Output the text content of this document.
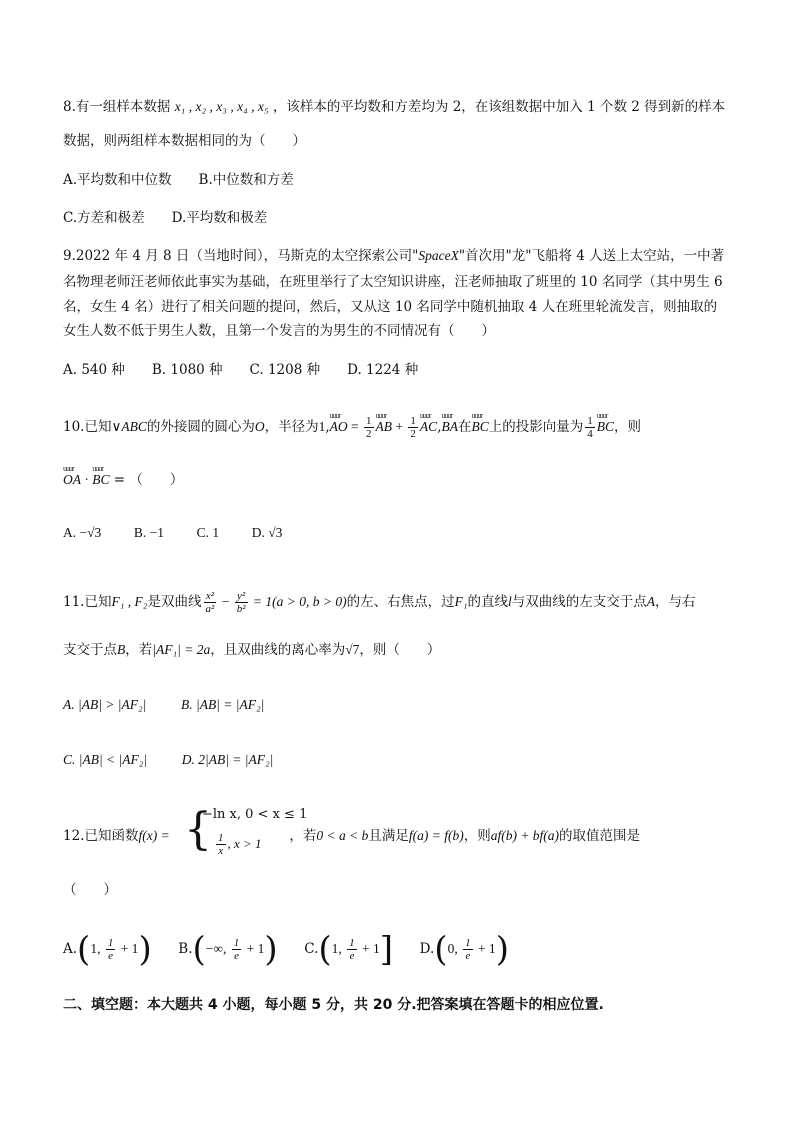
8.有一组样本数据 x₁ , x₂ , x₃ , x₄ , x₅ ，该样本的平均数和方差均为 2，在该组数据中加入 1 个数 2 得到新的样本
数据，则两组样本数据相同的为（　　）
A.平均数和中位数　　B.中位数和方差
C.方差和极差　　D.平均数和极差
9.2022 年 4 月 8 日（当地时间），马斯克的太空探索公司"SpaceX"首次用"龙"飞船将 4 人送上太空站，一中著
名物理老师汪老师依此事实为基础，在班里举行了太空知识讲座，汪老师抽取了班里的 10 名同学（其中男生 6
名，女生 4 名）进行了相关问题的提问，然后，又从这 10 名同学中随机抽取 4 人在班里轮流发言，则抽取的
女生人数不低于男生人数，且第一个发言的为男生的不同情况有（　　）
A. 540 种　　B. 1080 种　　C. 1208 种　　D. 1224 种
10.已知∨ABC的外接圆的圆心为O，半径为1,uuur AO = $\frac{1}{2}$ uuur AB + $\frac{1}{2}$ uuur AC,uuur BA在uuur BC上的投影向量为 $\frac{1}{4}$ uuur BC，则
uuur OA · uuur BC = （　　）
A. −√3 B. −1 C. 1 D. √3
11.已知F₁ , F₂是双曲线 $\frac{\text{x²}}{\text{a²}} - \frac{\text{y²}}{\text{b²}} = 1(a > 0$, b > 0)的左、右焦点，过F₁的直线l与双曲线的左支交于点A，与右
支交于点B，若|AF₁| = 2a，且双曲线的离心率为√7，则（　　）
A. |AB| > |AF₂|	B. |AB| = |AF₂|
C. |AB| < |AF₂|	D. 2|AB| = |AF₂|
12.已知函数f(x) =	，若0 < a < b且满足f(a) = f(b)，则af(b) + bf(a)的取值范围是
{
−ln x, 0 < x ≤ 1
$\frac{1}{x}$ , x > 1
（　　）
A.(1, $\frac{1}{e} + 1$) B.(−∞, $\frac{1}{e} + 1$) C.(1, $\frac{1}{e} + 1$] D.(0, $\frac{1}{e} + 1$)
二、填空题：本大题共 4 小题，每小题 5 分，共 20 分.把答案填在答题卡的相应位置.
